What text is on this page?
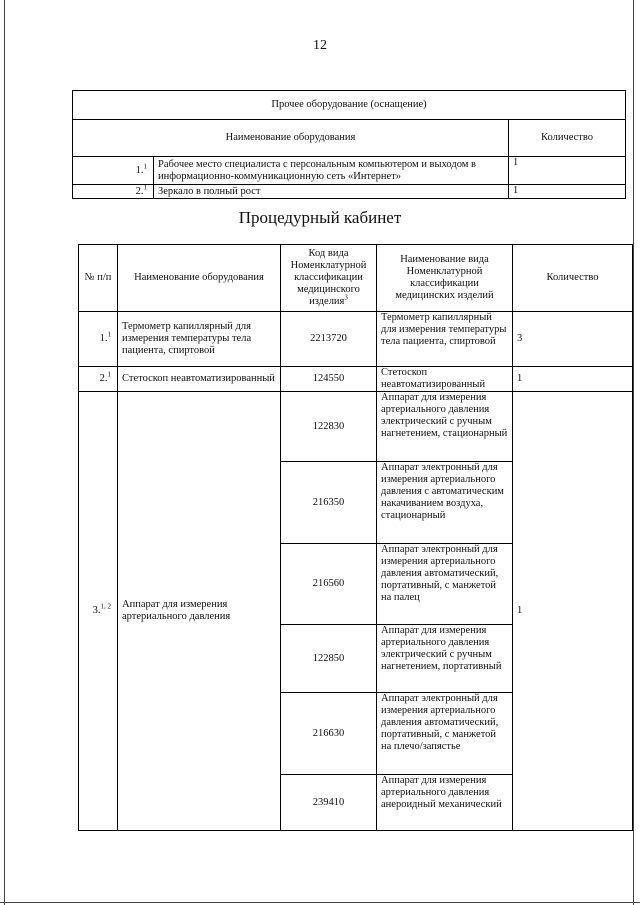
12
Прочее оборудование (оснащение)		
Наименование оборудования		Количество
1.$^1$	Рабочее место специалиста с персональным компьютером и выходом в информационно-коммуникационную сеть «Интернет»	1
2.$^1$	Зеркало в полный рост	1
Процедурный кабинет
№ п/п	Наименование оборудования	Код вида Номенклатурной классификации медицинского изделия$^3$	Наименование вида Номенклатурной классификации медицинских изделий	Количество
1.$^1$	Термометр капиллярный для измерения температуры тела пациента, спиртовой	2213720	Термометр капиллярный для измерения температуры тела пациента, спиртовой	3
2.$^1$	Стетоскоп неавтоматизированный	124550	Стетоскоп неавтоматизированный	1
3.$^{1, 2}$	Аппарат для измерения артериального давления	122830	Аппарат для измерения артериального давления электрический с ручным нагнетением, стационарный	1
		216350	Аппарат электронный для измерения артериального давления с автоматическим накачиванием воздуха, стационарный	
		216560	Аппарат электронный для измерения артериального давления автоматический, портативный, с манжетой на палец	
		122850	Аппарат для измерения артериального давления электрический с ручным нагнетением, портативный	
		216630	Аппарат электронный для измерения артериального давления автоматический, портативный, с манжетой на плечо/запястье	
		239410	Аппарат для измерения артериального давления анероидный механический	
